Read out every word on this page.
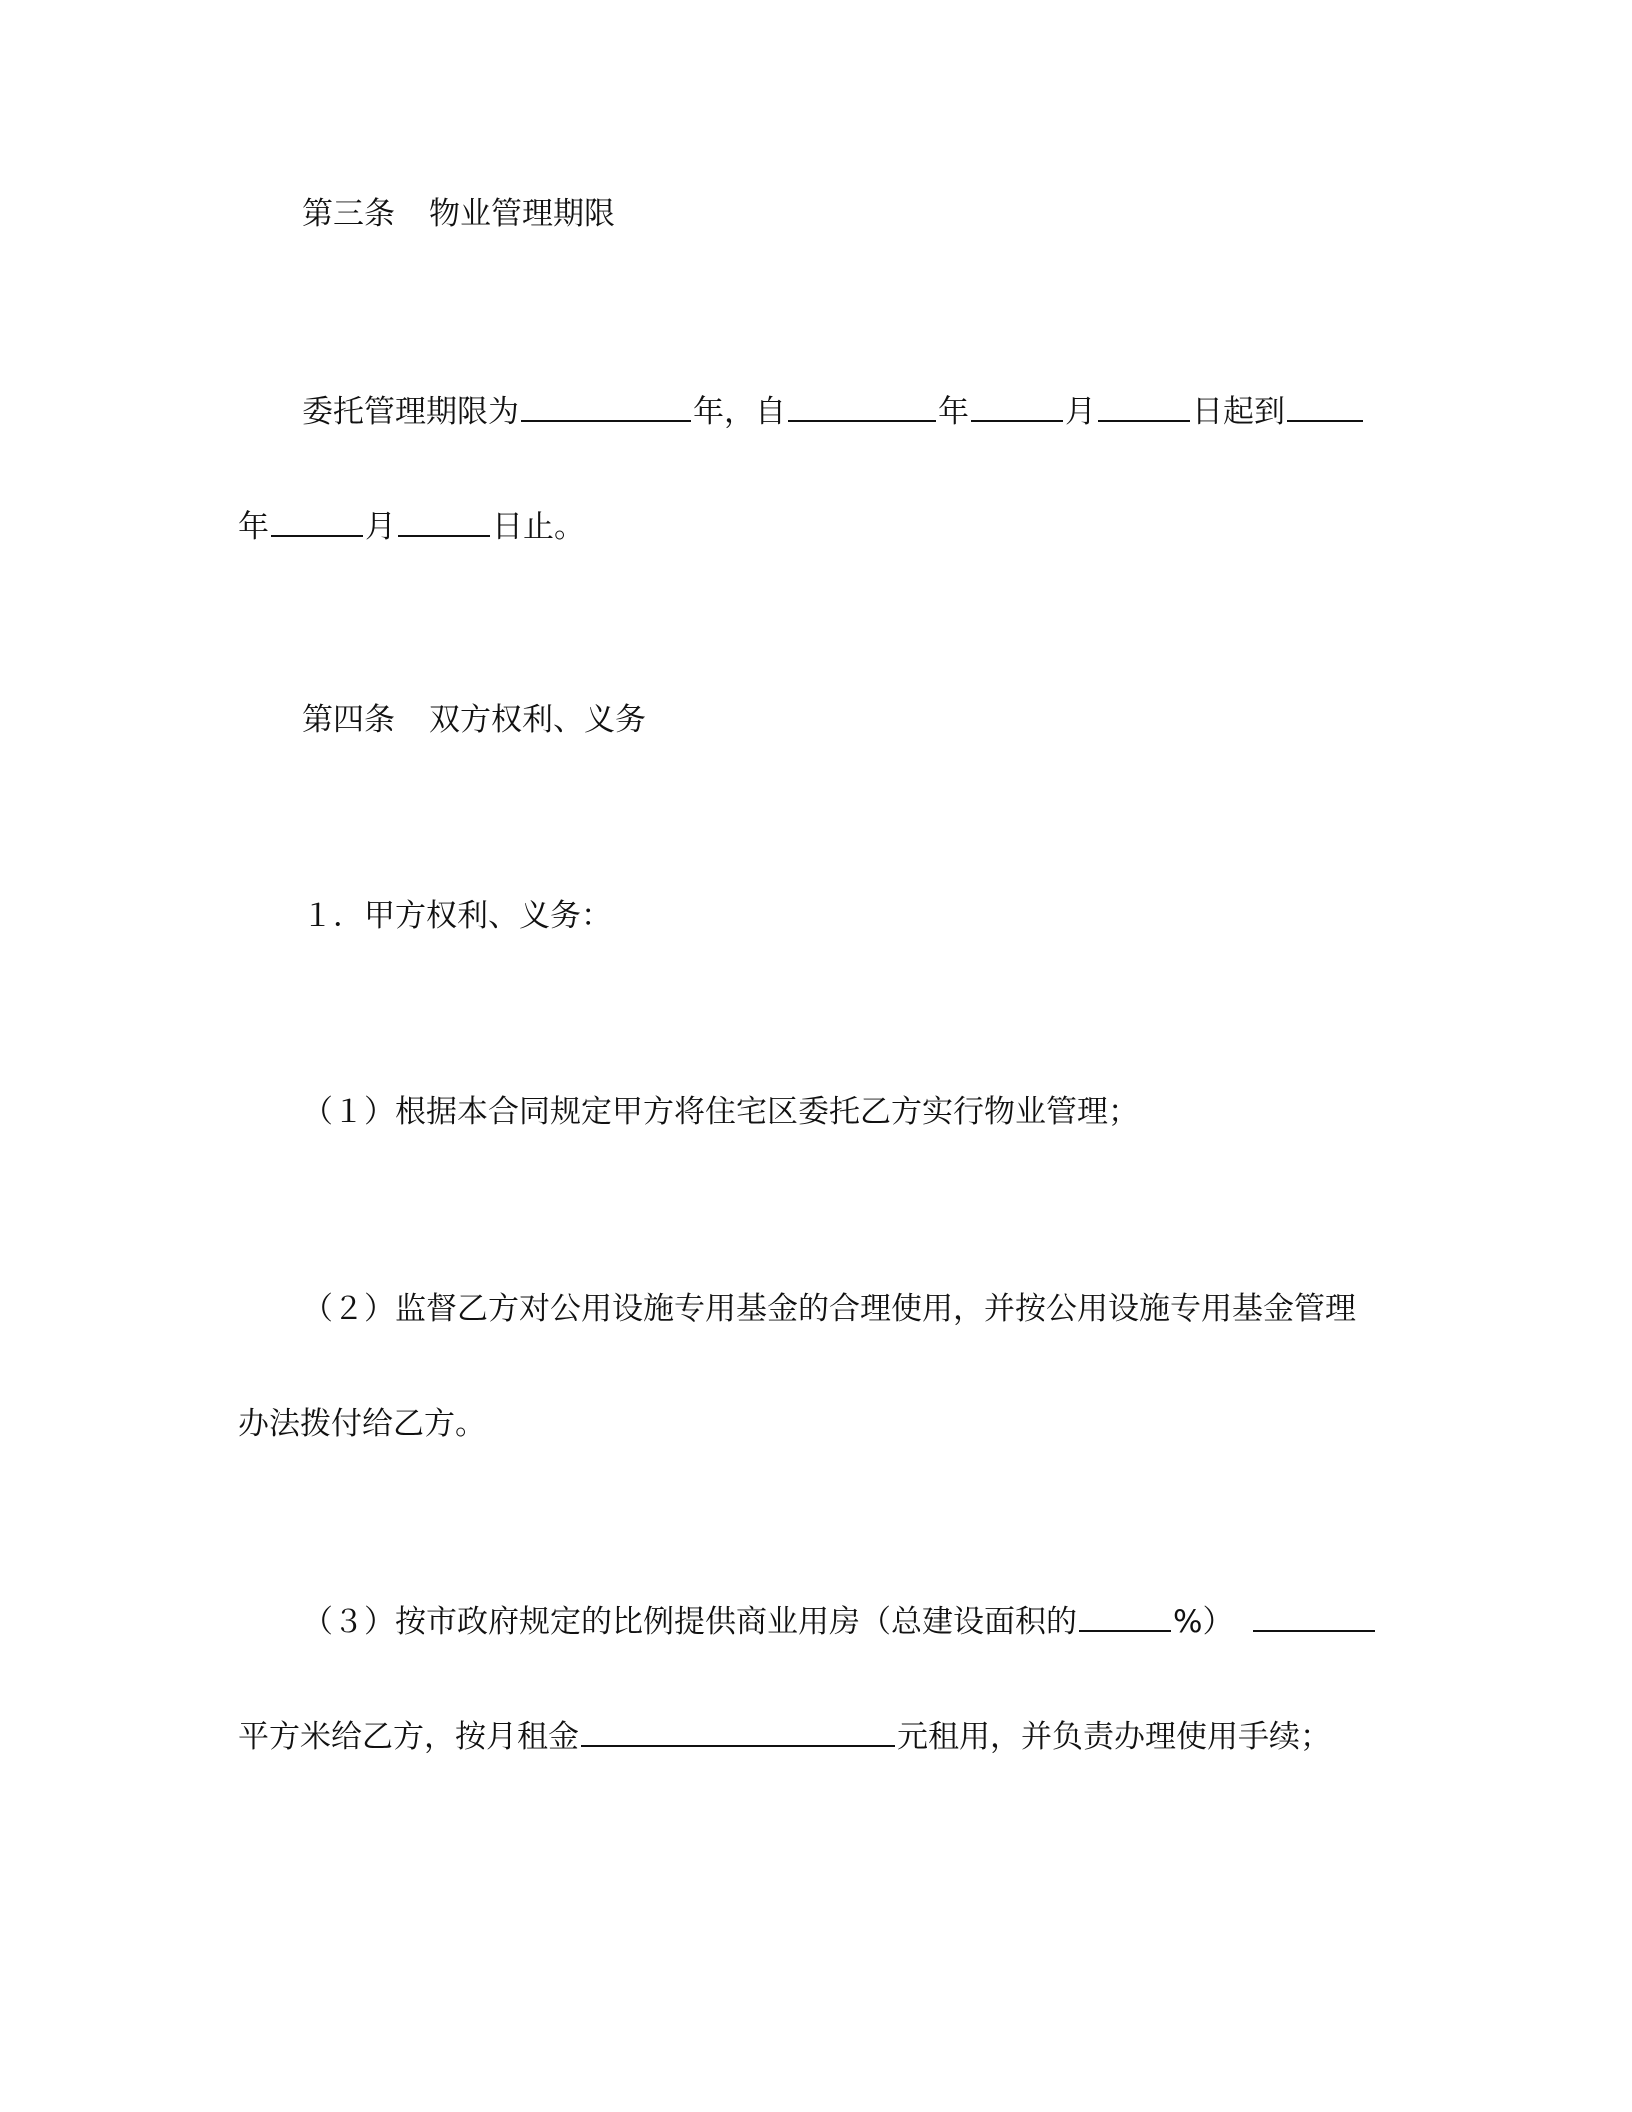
第三条 物业管理期限
委托管理期限为	年，自	年	月	日起到
年	月	日止。
第四条 双方权利、义务
１．甲方权利、义务：
（１）根据本合同规定甲方将住宅区委托乙方实行物业管理；
（２）监督乙方对公用设施专用基金的合理使用，并按公用设施专用基金管理
办法拨付给乙方。
（３）按市政府规定的比例提供商业用房（总建设面积的	%）
平方米给乙方，按月租金	元租用，并负责办理使用手续；
